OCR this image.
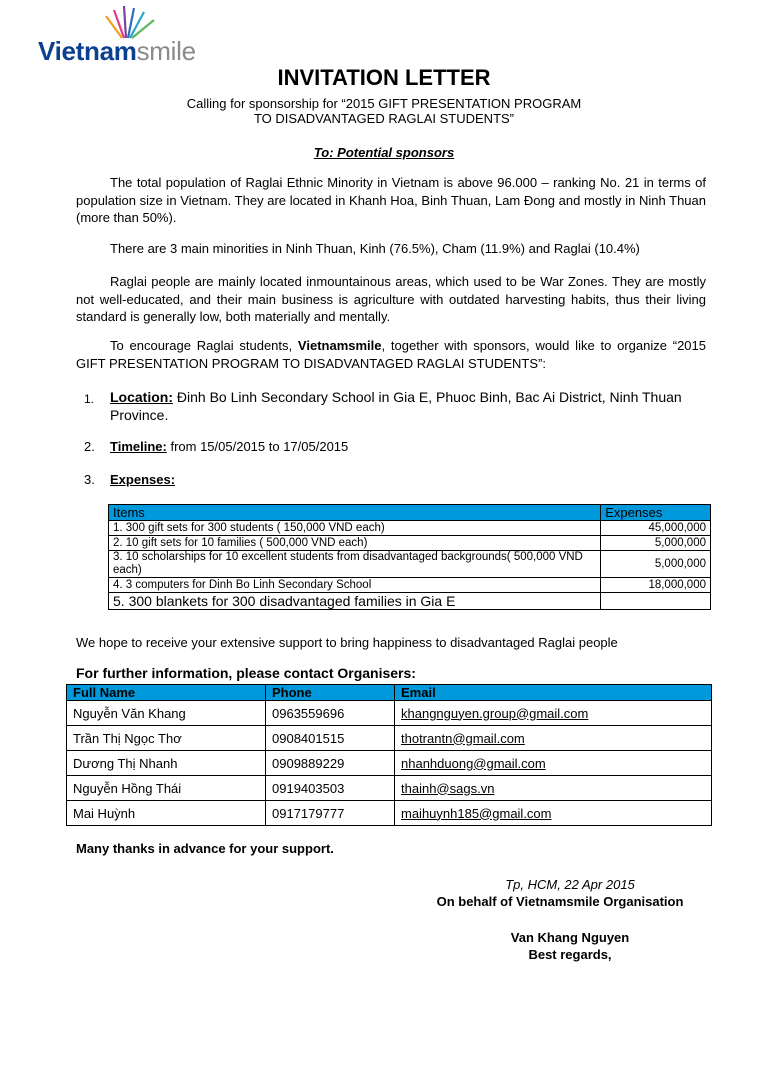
Vietnamsmile
INVITATION LETTER
Calling for sponsorship for “2015 GIFT PRESENTATION PROGRAM
TO DISADVANTAGED RAGLAI STUDENTS”
To: Potential sponsors
The total population of Raglai Ethnic Minority in Vietnam is above 96.000 – ranking No. 21 in terms of population size in Vietnam. They are located in Khanh Hoa, Binh Thuan, Lam Đong and mostly in Ninh Thuan (more than 50%).
There are 3 main minorities in Ninh Thuan, Kinh (76.5%), Cham (11.9%) and Raglai (10.4%)
Raglai people are mainly located inmountainous areas, which used to be War Zones. They are mostly not well-educated, and their main business is agriculture with outdated harvesting habits, thus their living standard is generally low, both materially and mentally.
To encourage Raglai students, Vietnamsmile, together with sponsors, would like to organize “2015 GIFT PRESENTATION PROGRAM TO DISADVANTAGED RAGLAI STUDENTS”:
1. Location: Đinh Bo Linh Secondary School in Gia E, Phuoc Binh, Bac Ai District, Ninh Thuan Province.
2. Timeline: from 15/05/2015 to 17/05/2015
3. Expenses:
Items	Expenses
1. 300 gift sets for 300 students ( 150,000 VND each)	45,000,000
2. 10 gift sets for 10 families ( 500,000 VND each)	5,000,000
3. 10 scholarships for 10 excellent students from disadvantaged backgrounds( 500,000 VND each)	5,000,000
4. 3 computers for Dinh Bo Linh Secondary School	18,000,000
5. 300 blankets for 300 disadvantaged families in Gia E	
We hope to receive your extensive support to bring happiness to disadvantaged Raglai people
For further information, please contact Organisers:
Full Name	Phone	Email
Nguyễn Văn Khang	0963559696	khangnguyen.group@gmail.com
Trần Thị Ngọc Thơ	0908401515	thotrantn@gmail.com
Dương Thị Nhanh	0909889229	nhanhduong@gmail.com
Nguyễn Hồng Thái	0919403503	thainh@sags.vn
Mai Huỳnh	0917179777	maihuynh185@gmail.com
Many thanks in advance for your support.
Tp, HCM, 22 Apr 2015
On behalf of Vietnamsmile Organisation
Van Khang Nguyen
Best regards,
